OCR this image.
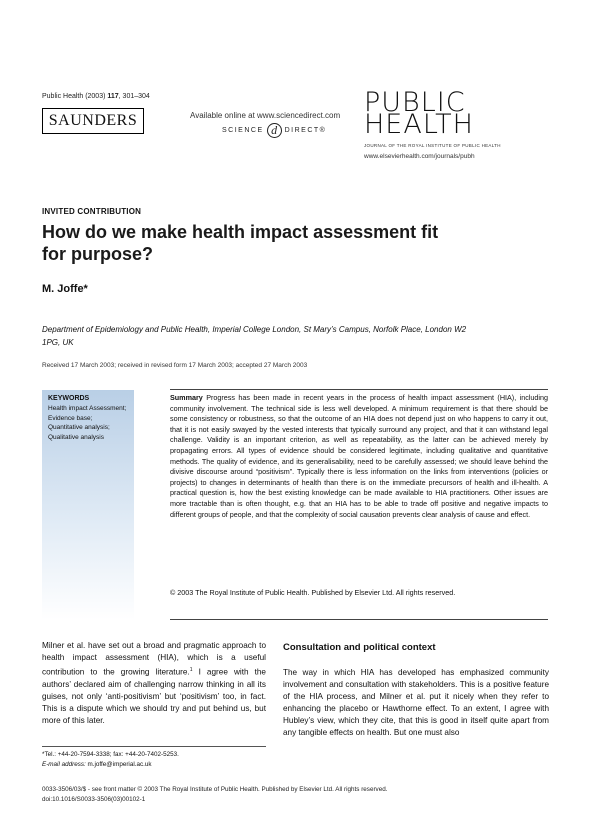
Public Health (2003) 117, 301–304
SAUNDERS	Available online at www.sciencedirect.com
SCIENCE d	DIRECT®
PUBLIC
HEALTH
JOURNAL OF THE ROYAL INSTITUTE OF PUBLIC HEALTH
www.elsevierhealth.com/journals/pubh
INVITED CONTRIBUTION
How do we make health impact assessment fit for purpose?
M. Joffe*
Department of Epidemiology and Public Health, Imperial College London, St Mary’s Campus, Norfolk Place, London W2 1PG, UK
Received 17 March 2003; received in revised form 17 March 2003; accepted 27 March 2003
KEYWORDS
Health impact Assessment; Evidence base; Quantitative analysis; Qualitative analysis
Summary Progress has been made in recent years in the process of health impact assessment (HIA), including community involvement. The technical side is less well developed. A minimum requirement is that there should be some consistency or robustness, so that the outcome of an HIA does not depend just on who happens to carry it out, that it is not easily swayed by the vested interests that typically surround any project, and that it can withstand legal challenge. Validity is an important criterion, as well as repeatability, as the latter can be achieved merely by propagating errors. All types of evidence should be considered legitimate, including qualitative and quantitative methods. The quality of evidence, and its generalisability, need to be carefully assessed; we should leave behind the divisive discourse around “positivism”. Typically there is less information on the links from interventions (policies or projects) to changes in determinants of health than there is on the immediate precursors of health and ill-health. A practical question is, how the best existing knowledge can be made available to HIA practitioners. Other issues are more tractable than is often thought, e.g. that an HIA has to be able to trade off positive and negative impacts to different groups of people, and that the complexity of social causation prevents clear analysis of cause and effect.
© 2003 The Royal Institute of Public Health. Published by Elsevier Ltd. All rights reserved.
Milner et al. have set out a broad and pragmatic approach to health impact assessment (HIA), which is a useful contribution to the growing literature.$^1$ I agree with the authors’ declared aim of challenging narrow thinking in all its guises, not only ‘anti-positivism’ but ‘positivism’ too, in fact. This is a dispute which we should try and put behind us, but more of this later.
*Tel.: +44-20-7594-3338; fax: +44-20-7402-5253.
E-mail address: m.joffe@imperial.ac.uk
Consultation and political context
The way in which HIA has developed has emphasized community involvement and consultation with stakeholders. This is a positive feature of the HIA process, and Milner et al. put it nicely when they refer to enhancing the placebo or Hawthorne effect. To an extent, I agree with Hubley’s view, which they cite, that this is good in itself quite apart from any tangible effects on health. But one must also
0033-3506/03/$ - see front matter © 2003 The Royal Institute of Public Health. Published by Elsevier Ltd. All rights reserved.
doi:10.1016/S0033-3506(03)00102-1
